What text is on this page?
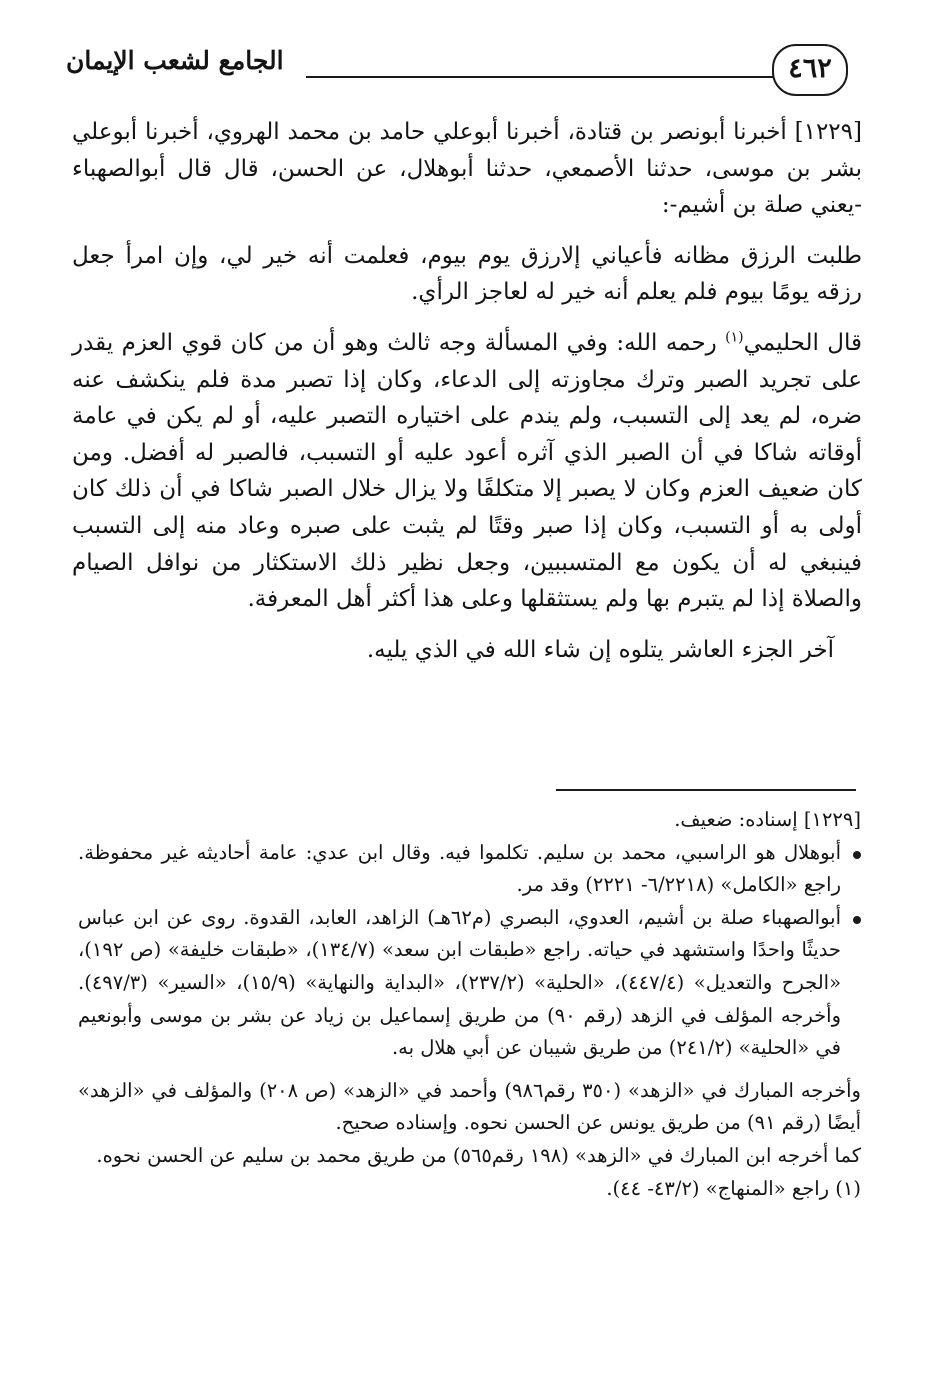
٤٦٢
الجامع لشعب الإيمان

[١٢٢٩] أخبرنا أبونصر بن قتادة، أخبرنا أبوعلي حامد بن محمد الهروي، أخبرنا أبوعلي بشر بن موسى، حدثنا الأصمعي، حدثنا أبوهلال، عن الحسن، قال قال أبوالصهباء -يعني صلة بن أشيم-:

طلبت الرزق مظانه فأعياني إلارزق يوم بيوم، فعلمت أنه خير لي، وإن امرأ جعل رزقه يومًا بيوم فلم يعلم أنه خير له لعاجز الرأي.

قال الحليمي$^{(١)}$ رحمه الله: وفي المسألة وجه ثالث وهو أن من كان قوي العزم يقدر على تجريد الصبر وترك مجاوزته إلى الدعاء، وكان إذا تصبر مدة فلم ينكشف عنه ضره، لم يعد إلى التسبب، ولم يندم على اختياره التصبر عليه، أو لم يكن في عامة أوقاته شاكا في أن الصبر الذي آثره أعود عليه أو التسبب، فالصبر له أفضل. ومن كان ضعيف العزم وكان لا يصبر إلا متكلفًا ولا يزال خلال الصبر شاكا في أن ذلك كان أولى به أو التسبب، وكان إذا صبر وقتًا لم يثبت على صبره وعاد منه إلى التسبب فينبغي له أن يكون مع المتسببين، وجعل نظير ذلك الاستكثار من نوافل الصيام والصلاة إذا لم يتبرم بها ولم يستثقلها وعلى هذا أكثر أهل المعرفة.

آخر الجزء العاشر يتلوه إن شاء الله في الذي يليه.

[١٢٢٩] إسناده: ضعيف.

أبوهلال هو الراسبي، محمد بن سليم. تكلموا فيه. وقال ابن عدي: عامة أحاديثه غير محفوظة. راجع «الكامل» (٦/٢٢١٨- ٢٢٢١) وقد مر.

أبوالصهباء صلة بن أشيم، العدوي، البصري (م٦٢هـ) الزاهد، العابد، القدوة. روى عن ابن عباس حديثًا واحدًا واستشهد في حياته. راجع «طبقات ابن سعد» (١٣٤/٧)، «طبقات خليفة» (ص ١٩٢)، «الجرح والتعديل» (٤٤٧/٤)، «الحلية» (٢٣٧/٢)، «البداية والنهاية» (١٥/٩)، «السير» (٤٩٧/٣). وأخرجه المؤلف في الزهد (رقم ٩٠) من طريق إسماعيل بن زياد عن بشر بن موسى وأبونعيم في «الحلية» (٢٤١/٢) من طريق شيبان عن أبي هلال به.

وأخرجه المبارك في «الزهد» (٣٥٠ رقم٩٨٦) وأحمد في «الزهد» (ص ٢٠٨) والمؤلف في «الزهد» أيضًا (رقم ٩١) من طريق يونس عن الحسن نحوه. وإسناده صحيح.

كما أخرجه ابن المبارك في «الزهد» (١٩٨ رقم٥٦٥) من طريق محمد بن سليم عن الحسن نحوه.

(١) راجع «المنهاج» (٤٣/٢- ٤٤).
